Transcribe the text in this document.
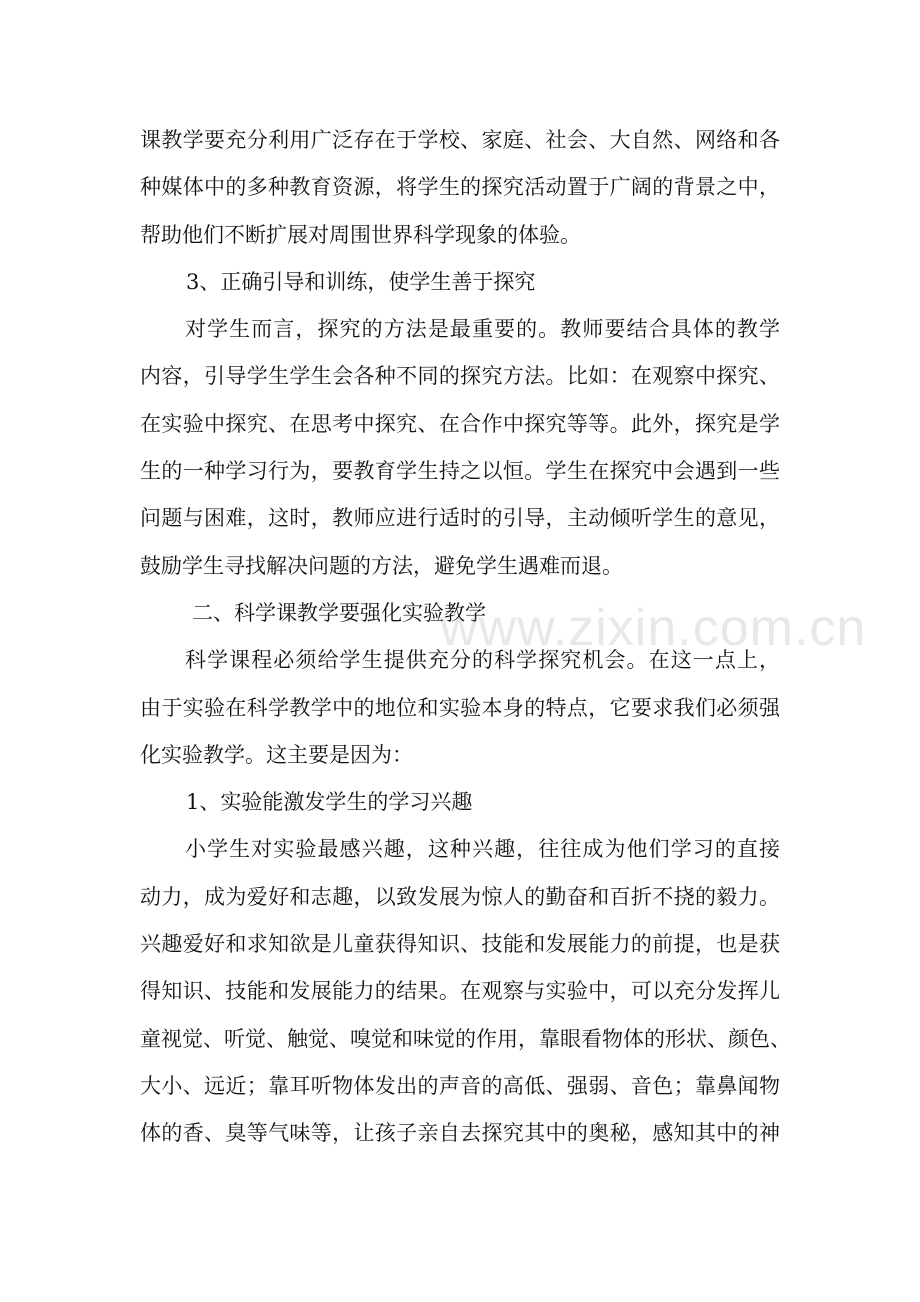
课教学要充分利用广泛存在于学校、家庭、社会、大自然、网络和各
种媒体中的多种教育资源，将学生的探究活动置于广阔的背景之中，
帮助他们不断扩展对周围世界科学现象的体验。
3、正确引导和训练，使学生善于探究
对学生而言，探究的方法是最重要的。教师要结合具体的教学
内容，引导学生学生会各种不同的探究方法。比如：在观察中探究、
在实验中探究、在思考中探究、在合作中探究等等。此外，探究是学
生的一种学习行为，要教育学生持之以恒。学生在探究中会遇到一些
问题与困难，这时，教师应进行适时的引导，主动倾听学生的意见，
鼓励学生寻找解决问题的方法，避免学生遇难而退。
二、科学课教学要强化实验教学
科学课程必须给学生提供充分的科学探究机会。在这一点上，
由于实验在科学教学中的地位和实验本身的特点，它要求我们必须强
化实验教学。这主要是因为：
1、实验能激发学生的学习兴趣
小学生对实验最感兴趣，这种兴趣，往往成为他们学习的直接
动力，成为爱好和志趣，以致发展为惊人的勤奋和百折不挠的毅力。
兴趣爱好和求知欲是儿童获得知识、技能和发展能力的前提，也是获
得知识、技能和发展能力的结果。在观察与实验中，可以充分发挥儿
童视觉、听觉、触觉、嗅觉和味觉的作用，靠眼看物体的形状、颜色、
大小、远近；靠耳听物体发出的声音的高低、强弱、音色；靠鼻闻物
体的香、臭等气味等，让孩子亲自去探究其中的奥秘，感知其中的神
www.zixin.com.cn
